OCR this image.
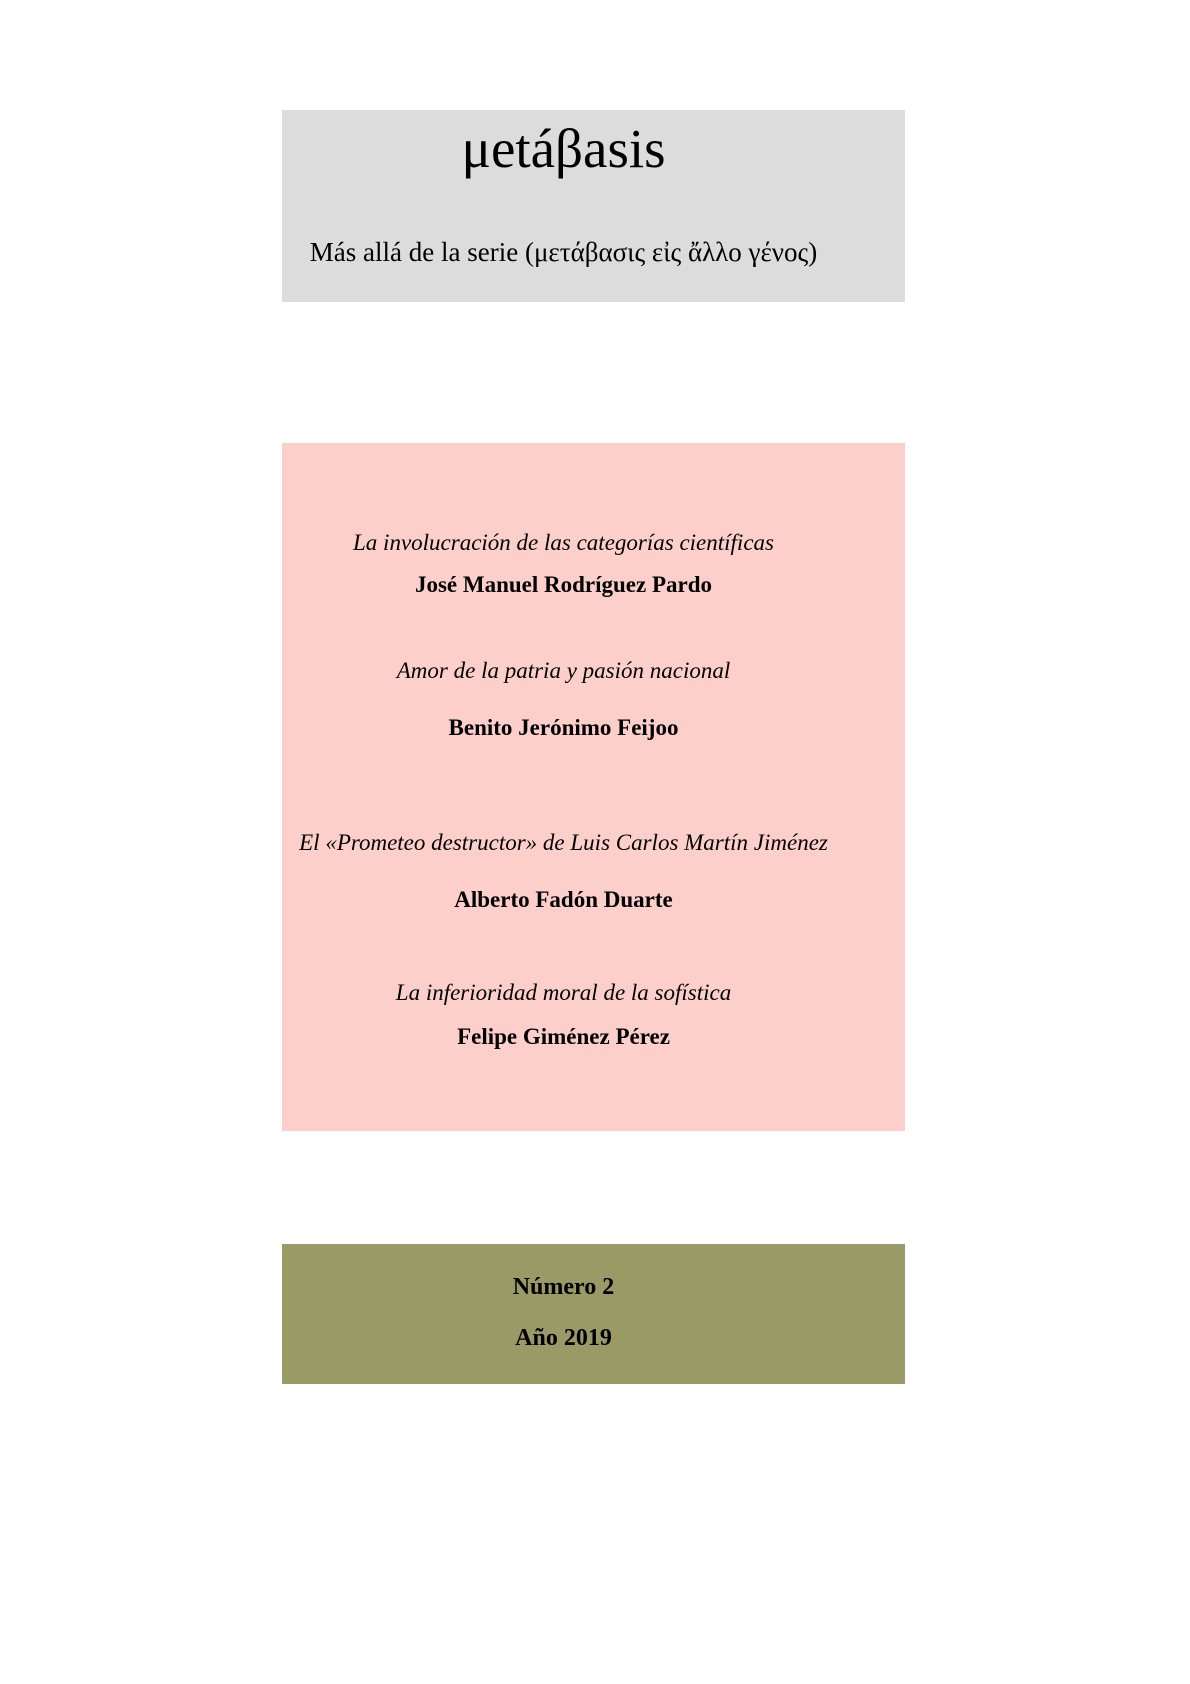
μetáβasis
Más allá de la serie (μετάβασις εἰς ἄλλο γένος)
La involucración de las categorías científicas
José Manuel Rodríguez Pardo
Amor de la patria y pasión nacional
Benito Jerónimo Feijoo
El «Prometeo destructor» de Luis Carlos Martín Jiménez
Alberto Fadón Duarte
La inferioridad moral de la sofística
Felipe Giménez Pérez
Número 2
Año 2019
